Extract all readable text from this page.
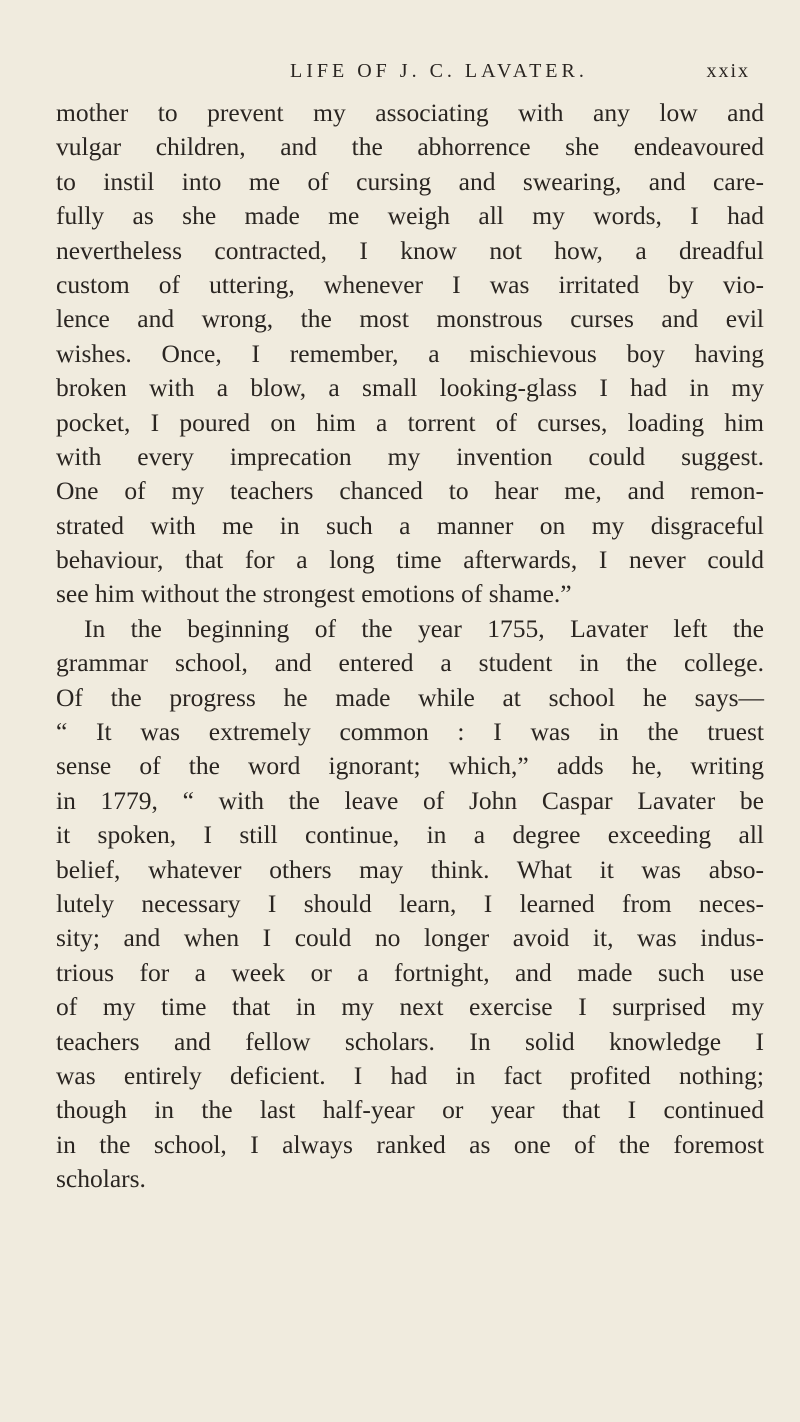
LIFE OF J. C. LAVATER.	xxix
mother to prevent my associating with any low and
vulgar children, and the abhorrence she endeavoured
to instil into me of cursing and swearing, and care-
fully as she made me weigh all my words, I had
nevertheless contracted, I know not how, a dreadful
custom of uttering, whenever I was irritated by vio-
lence and wrong, the most monstrous curses and evil
wishes. Once, I remember, a mischievous boy having
broken with a blow, a small looking-glass I had in my
pocket, I poured on him a torrent of curses, loading him
with every imprecation my invention could suggest.
One of my teachers chanced to hear me, and remon-
strated with me in such a manner on my disgraceful
behaviour, that for a long time afterwards, I never could
see him without the strongest emotions of shame.”
In the beginning of the year 1755, Lavater left the
grammar school, and entered a student in the college.
Of the progress he made while at school he says—
“ It was extremely common : I was in the truest
sense of the word ignorant; which,” adds he, writing
in 1779, “ with the leave of John Caspar Lavater be
it spoken, I still continue, in a degree exceeding all
belief, whatever others may think. What it was abso-
lutely necessary I should learn, I learned from neces-
sity; and when I could no longer avoid it, was indus-
trious for a week or a fortnight, and made such use
of my time that in my next exercise I surprised my
teachers and fellow scholars. In solid knowledge I
was entirely deficient. I had in fact profited nothing;
though in the last half-year or year that I continued
in the school, I always ranked as one of the foremost
scholars.
